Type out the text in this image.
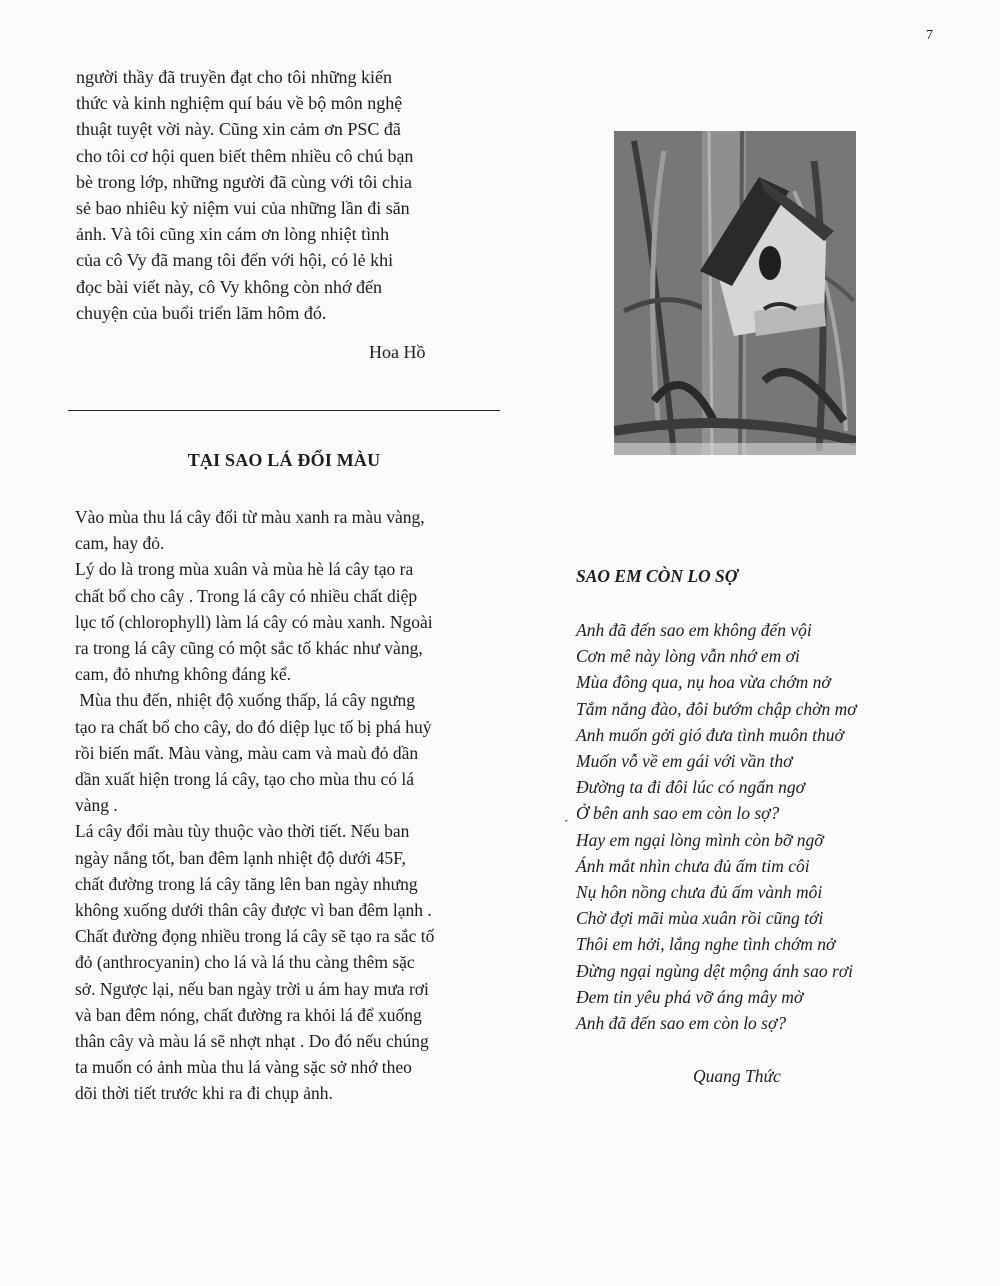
7
người thầy đã truyền đạt cho tôi những kiến
thức và kinh nghiệm quí báu về bộ môn nghệ
thuật tuyệt vời này. Cũng xin cảm ơn PSC đã
cho tôi cơ hội quen biết thêm nhiều cô chú bạn
bè trong lớp, những người đã cùng với tôi chia
sẻ bao nhiêu kỷ niệm vui của những lần đi săn
ảnh. Và tôi cũng xin cám ơn lòng nhiệt tình
của cô Vy đã mang tôi đến với hội, có lẻ khi
đọc bài viết này, cô Vy không còn nhớ đến
chuyện của buổi triển lãm hôm đó.
Hoa Hồ
TẠI SAO LÁ ĐỔI MÀU
Vào mùa thu lá cây đổi từ màu xanh ra màu vàng,
cam, hay đỏ.
Lý do là trong mùa xuân và mùa hè lá cây tạo ra
chất bổ cho cây . Trong lá cây có nhiều chất diệp
lục tố (chlorophyll) làm lá cây có màu xanh. Ngoài
ra trong lá cây cũng có một sắc tố khác như vàng,
cam, đỏ nhưng không đáng kể.
Mùa thu đến, nhiệt độ xuống thấp, lá cây ngưng
tạo ra chất bổ cho cây, do đó diệp lục tố bị phá huỷ
rồi biến mất. Màu vàng, màu cam và maù đỏ dần
dần xuất hiện trong lá cây, tạo cho mùa thu có lá
vàng .
Lá cây đổi màu tùy thuộc vào thời tiết. Nếu ban
ngày nắng tốt, ban đêm lạnh nhiệt độ dưới 45F,
chất đường trong lá cây tăng lên ban ngày nhưng
không xuống dưới thân cây được vì ban đêm lạnh .
Chất đường đọng nhiều trong lá cây sẽ tạo ra sắc tố
đỏ (anthrocyanin) cho lá và lá thu càng thêm sặc
sở. Ngược lại, nếu ban ngày trời u ám hay mưa rơi
và ban đêm nóng, chất đường ra khỏi lá để xuống
thân cây và màu lá sẽ nhợt nhạt . Do đó nếu chúng
ta muốn có ảnh mùa thu lá vàng sặc sở nhớ theo
dõi thời tiết trước khi ra đi chụp ảnh.
SAO EM CÒN LO SỢ
˯
Anh đã đến sao em không đến vội
Cơn mê này lòng vẫn nhớ em ơi
Mùa đông qua, nụ hoa vừa chớm nở
Tắm nắng đào, đôi bướm chập chờn mơ
Anh muốn gởi gió đưa tình muôn thuở
Muốn vỗ về em gái với vần thơ
Đường ta đi đôi lúc có ngẩn ngơ
Ở bên anh sao em còn lo sợ?
Hay em ngại lòng mình còn bỡ ngỡ
Ánh mắt nhìn chưa đủ ấm tim côi
Nụ hôn nồng chưa đủ ấm vành môi
Chờ đợi mãi mùa xuân rồi cũng tới
Thôi em hởi, lắng nghe tình chớm nở
Đừng ngại ngùng dệt mộng ánh sao rơi
Đem tin yêu phá vỡ áng mây mờ
Anh đã đến sao em còn lo sợ?
Quang Thức
